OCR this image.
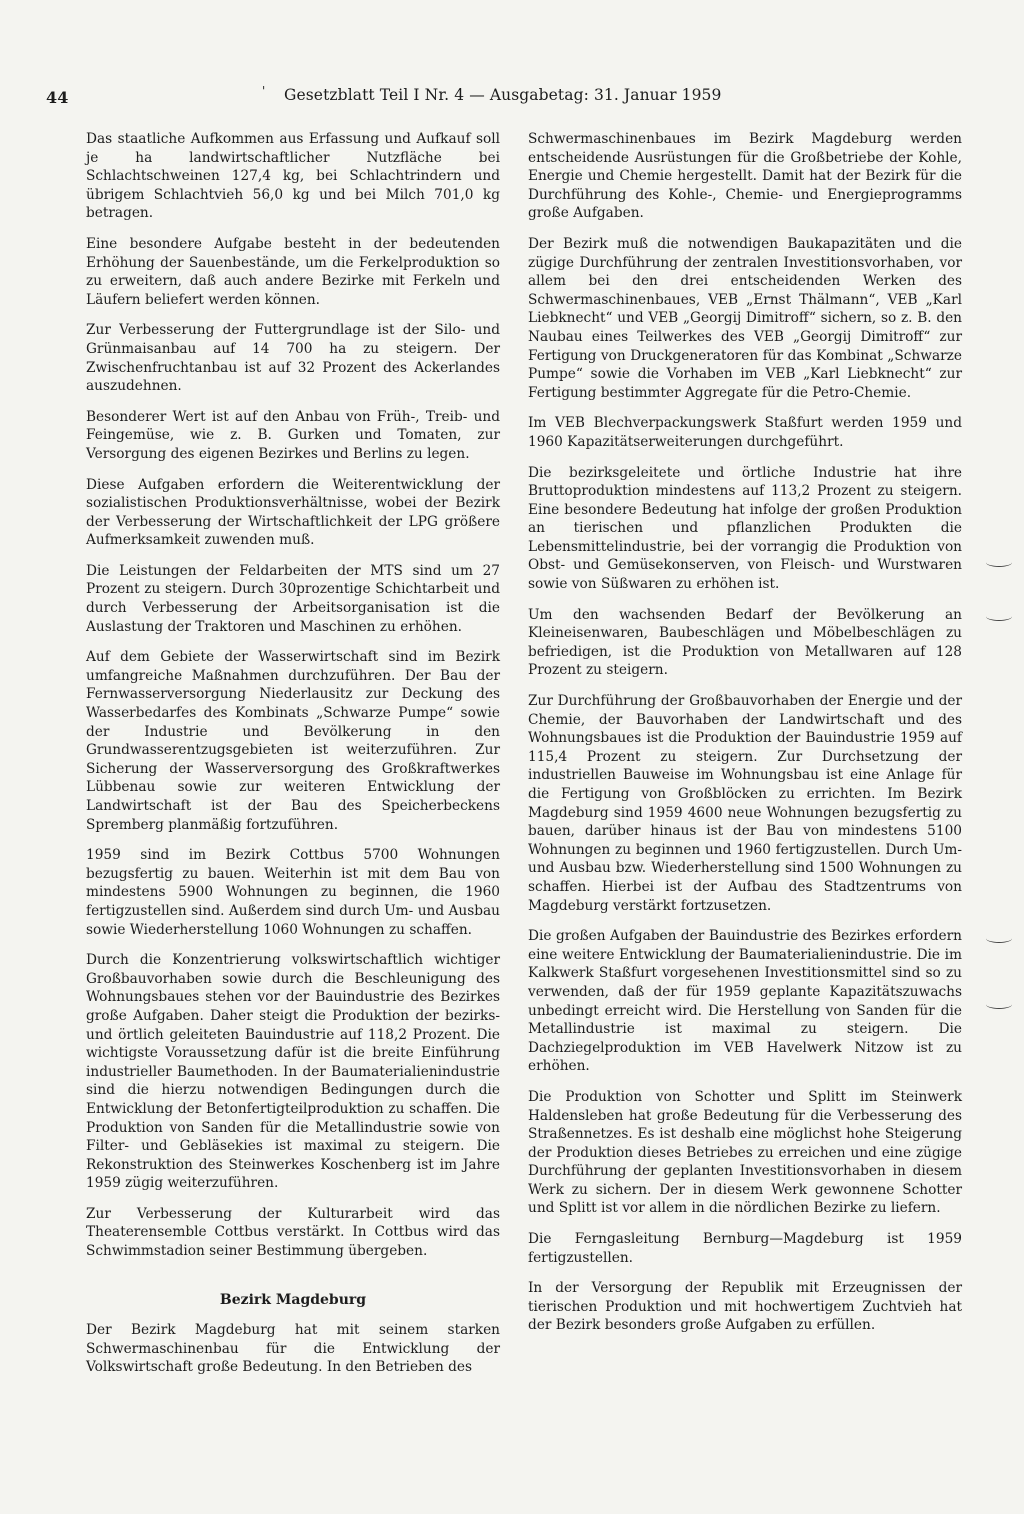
44	' Gesetzblatt Teil I Nr. 4 — Ausgabetag: 31. Januar 1959

Das staatliche Aufkommen aus Erfassung und Aufkauf soll je ha landwirtschaftlicher Nutzfläche bei Schlachtschweinen 127,4 kg, bei Schlachtrindern und übrigem Schlachtvieh 56,0 kg und bei Milch 701,0 kg betragen.

Eine besondere Aufgabe besteht in der bedeutenden Erhöhung der Sauenbestände, um die Ferkelproduktion so zu erweitern, daß auch andere Bezirke mit Ferkeln und Läufern beliefert werden können.

Zur Verbesserung der Futtergrundlage ist der Silo- und Grünmaisanbau auf 14 700 ha zu steigern. Der Zwischenfruchtanbau ist auf 32 Prozent des Ackerlandes auszudehnen.

Besonderer Wert ist auf den Anbau von Früh-, Treib- und Feingemüse, wie z. B. Gurken und Tomaten, zur Versorgung des eigenen Bezirkes und Berlins zu legen.

Diese Aufgaben erfordern die Weiterentwicklung der sozialistischen Produktionsverhältnisse, wobei der Bezirk der Verbesserung der Wirtschaftlichkeit der LPG größere Aufmerksamkeit zuwenden muß.

Die Leistungen der Feldarbeiten der MTS sind um 27 Prozent zu steigern. Durch 30prozentige Schichtarbeit und durch Verbesserung der Arbeitsorganisation ist die Auslastung der Traktoren und Maschinen zu erhöhen.

Auf dem Gebiete der Wasserwirtschaft sind im Bezirk umfangreiche Maßnahmen durchzuführen. Der Bau der Fernwasserversorgung Niederlausitz zur Deckung des Wasserbedarfes des Kombinats „Schwarze Pumpe“ sowie der Industrie und Bevölkerung in den Grundwasserentzugsgebieten ist weiterzuführen. Zur Sicherung der Wasserversorgung des Großkraftwerkes Lübbenau sowie zur weiteren Entwicklung der Landwirtschaft ist der Bau des Speicherbeckens Spremberg planmäßig fortzuführen.

1959 sind im Bezirk Cottbus 5700 Wohnungen bezugsfertig zu bauen. Weiterhin ist mit dem Bau von mindestens 5900 Wohnungen zu beginnen, die 1960 fertigzustellen sind. Außerdem sind durch Um- und Ausbau sowie Wiederherstellung 1060 Wohnungen zu schaffen.

Durch die Konzentrierung volkswirtschaftlich wichtiger Großbauvorhaben sowie durch die Beschleunigung des Wohnungsbaues stehen vor der Bauindustrie des Bezirkes große Aufgaben. Daher steigt die Produktion der bezirks- und örtlich geleiteten Bauindustrie auf 118,2 Prozent. Die wichtigste Voraussetzung dafür ist die breite Einführung industrieller Baumethoden. In der Baumaterialienindustrie sind die hierzu notwendigen Bedingungen durch die Entwicklung der Betonfertigteilproduktion zu schaffen. Die Produktion von Sanden für die Metallindustrie sowie von Filter- und Gebläsekies ist maximal zu steigern. Die Rekonstruktion des Steinwerkes Koschenberg ist im Jahre 1959 zügig weiterzuführen.

Zur Verbesserung der Kulturarbeit wird das Theaterensemble Cottbus verstärkt. In Cottbus wird das Schwimmstadion seiner Bestimmung übergeben.

Bezirk Magdeburg

Der Bezirk Magdeburg hat mit seinem starken Schwermaschinenbau für die Entwicklung der Volkswirtschaft große Bedeutung. In den Betrieben des

Schwermaschinenbaues im Bezirk Magdeburg werden entscheidende Ausrüstungen für die Großbetriebe der Kohle, Energie und Chemie hergestellt. Damit hat der Bezirk für die Durchführung des Kohle-, Chemie- und Energieprogramms große Aufgaben.

Der Bezirk muß die notwendigen Baukapazitäten und die zügige Durchführung der zentralen Investitionsvorhaben, vor allem bei den drei entscheidenden Werken des Schwermaschinenbaues, VEB „Ernst Thälmann“, VEB „Karl Liebknecht“ und VEB „Georgij Dimitroff“ sichern, so z. B. den Naubau eines Teilwerkes des VEB „Georgij Dimitroff“ zur Fertigung von Druckgeneratoren für das Kombinat „Schwarze Pumpe“ sowie die Vorhaben im VEB „Karl Liebknecht“ zur Fertigung bestimmter Aggregate für die Petro-Chemie.

Im VEB Blechverpackungswerk Staßfurt werden 1959 und 1960 Kapazitätserweiterungen durchgeführt.

Die bezirksgeleitete und örtliche Industrie hat ihre Bruttoproduktion mindestens auf 113,2 Prozent zu steigern. Eine besondere Bedeutung hat infolge der großen Produktion an tierischen und pflanzlichen Produkten die Lebensmittelindustrie, bei der vorrangig die Produktion von Obst- und Gemüsekonserven, von Fleisch- und Wurstwaren sowie von Süßwaren zu erhöhen ist.

Um den wachsenden Bedarf der Bevölkerung an Kleineisenwaren, Baubeschlägen und Möbelbeschlägen zu befriedigen, ist die Produktion von Metallwaren auf 128 Prozent zu steigern.

Zur Durchführung der Großbauvorhaben der Energie und der Chemie, der Bauvorhaben der Landwirtschaft und des Wohnungsbaues ist die Produktion der Bauindustrie 1959 auf 115,4 Prozent zu steigern. Zur Durchsetzung der industriellen Bauweise im Wohnungsbau ist eine Anlage für die Fertigung von Großblöcken zu errichten. Im Bezirk Magdeburg sind 1959 4600 neue Wohnungen bezugsfertig zu bauen, darüber hinaus ist der Bau von mindestens 5100 Wohnungen zu beginnen und 1960 fertigzustellen. Durch Um- und Ausbau bzw. Wiederherstellung sind 1500 Wohnungen zu schaffen. Hierbei ist der Aufbau des Stadtzentrums von Magdeburg verstärkt fortzusetzen.

Die großen Aufgaben der Bauindustrie des Bezirkes erfordern eine weitere Entwicklung der Baumaterialienindustrie. Die im Kalkwerk Staßfurt vorgesehenen Investitionsmittel sind so zu verwenden, daß der für 1959 geplante Kapazitätszuwachs unbedingt erreicht wird. Die Herstellung von Sanden für die Metallindustrie ist maximal zu steigern. Die Dachziegelproduktion im VEB Havelwerk Nitzow ist zu erhöhen.

Die Produktion von Schotter und Splitt im Steinwerk Haldensleben hat große Bedeutung für die Verbesserung des Straßennetzes. Es ist deshalb eine möglichst hohe Steigerung der Produktion dieses Betriebes zu erreichen und eine zügige Durchführung der geplanten Investitionsvorhaben in diesem Werk zu sichern. Der in diesem Werk gewonnene Schotter und Splitt ist vor allem in die nördlichen Bezirke zu liefern.

Die Ferngasleitung Bernburg—Magdeburg ist 1959 fertigzustellen.

In der Versorgung der Republik mit Erzeugnissen der tierischen Produktion und mit hochwertigem Zuchtvieh hat der Bezirk besonders große Aufgaben zu erfüllen.
